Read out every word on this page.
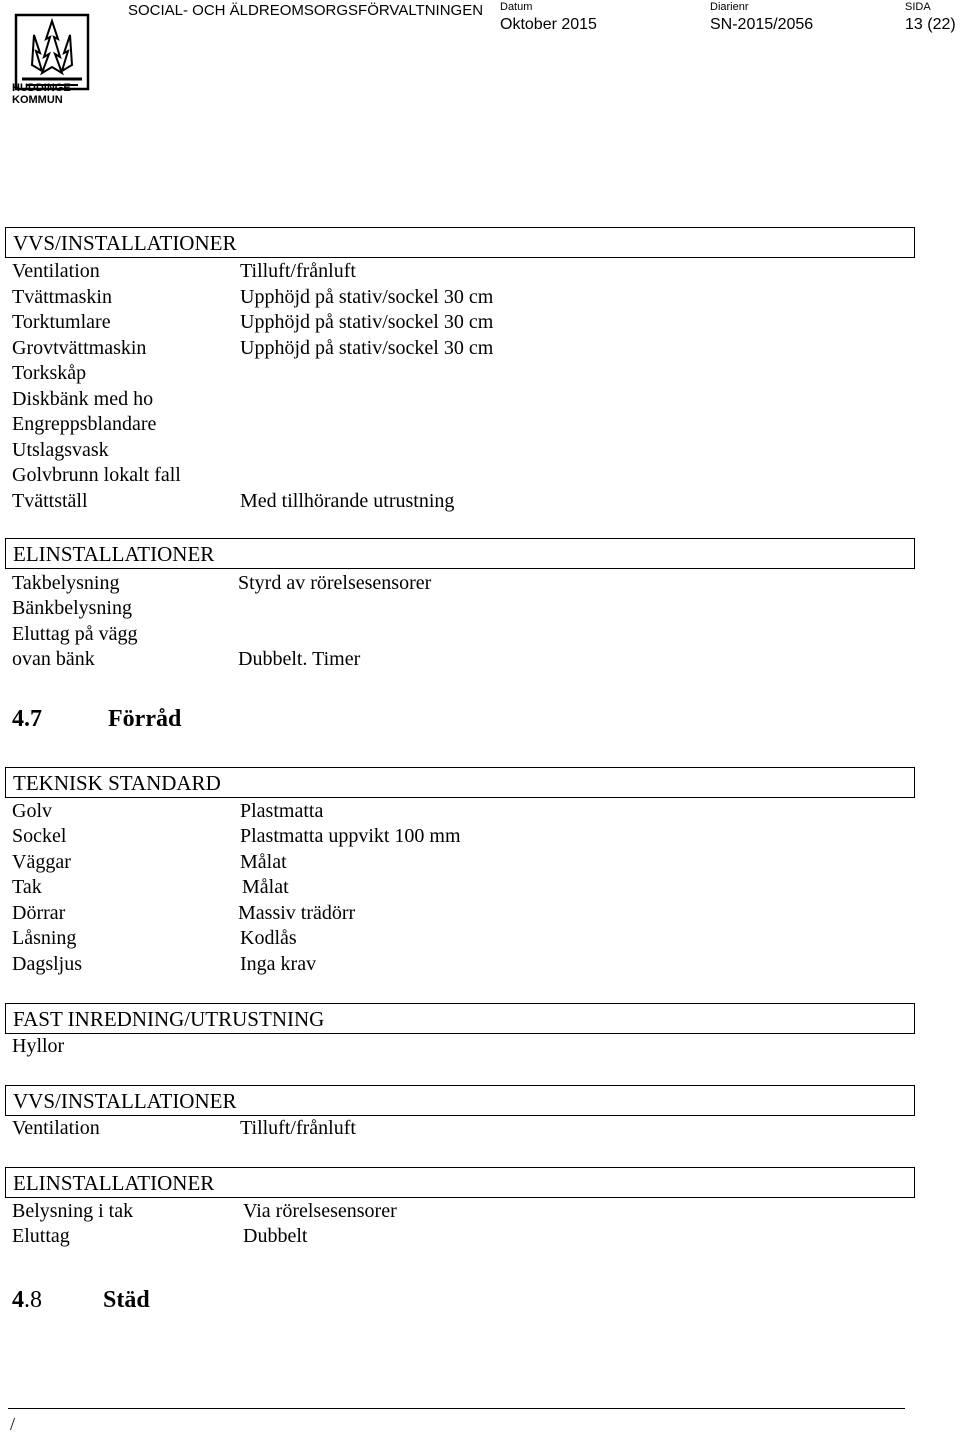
HUDDINGE
KOMMUN
SOCIAL- OCH ÄLDREOMSORGSFÖRVALTNINGEN Datum
Oktober 2015
Diarienr
SN-2015/2056
SIDA
13 (22)
VVS/INSTALLATIONER
Ventilation	Tilluft/frånluft
Tvättmaskin	Upphöjd på stativ/sockel 30 cm
Torktumlare	Upphöjd på stativ/sockel 30 cm
Grovtvättmaskin	Upphöjd på stativ/sockel 30 cm
Torkskåp
Diskbänk med ho
Engreppsblandare
Utslagsvask
Golvbrunn lokalt fall
Tvättställ	Med tillhörande utrustning
ELINSTALLATIONER
Takbelysning	Styrd av rörelsesensorer
Bänkbelysning
Eluttag på vägg
ovan bänk	Dubbelt. Timer
4.7	Förråd
TEKNISK STANDARD
Golv	Plastmatta
Sockel	Plastmatta uppvikt 100 mm
Väggar	Målat
Tak	Målat
Dörrar	Massiv trädörr
Låsning	Kodlås
Dagsljus	Inga krav
FAST INREDNING/UTRUSTNING
Hyllor
VVS/INSTALLATIONER
Ventilation	Tilluft/frånluft
ELINSTALLATIONER
Belysning i tak	Via rörelsesensorer
Eluttag	Dubbelt
4.8	Städ
/
